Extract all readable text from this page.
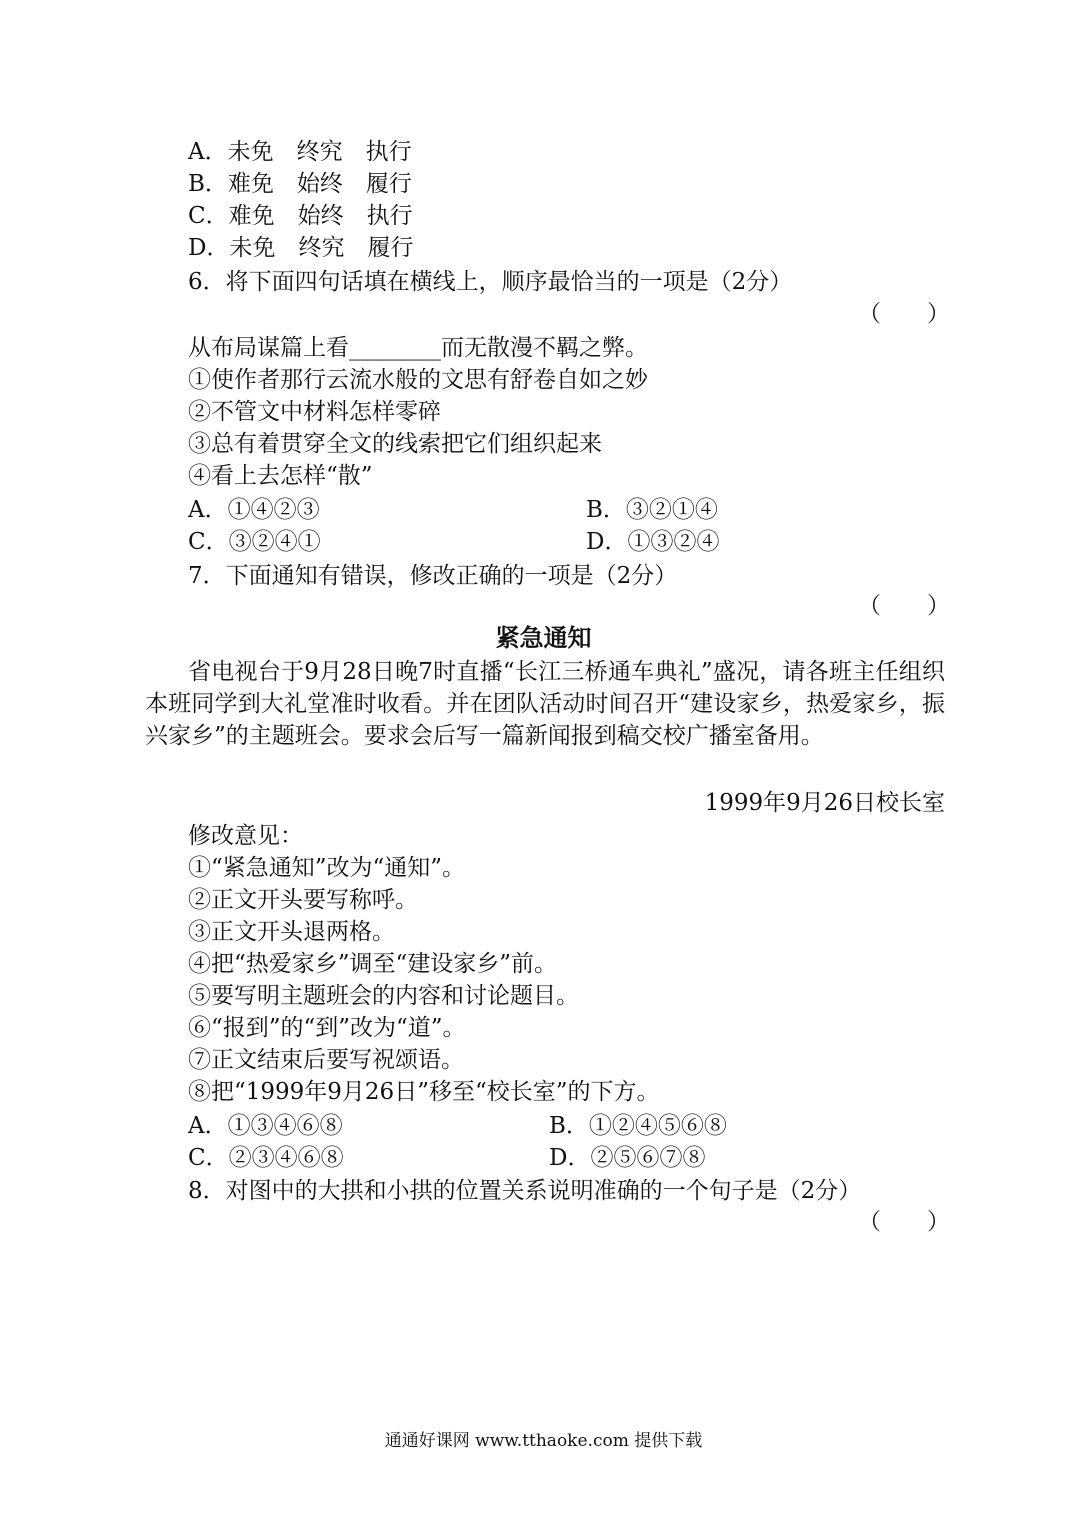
A．未免　终究　执行
B．难免　始终　履行
C．难免　始终　执行
D．未免　终究　履行
6．将下面四句话填在横线上，顺序最恰当的一项是（2分）
（　　）
从布局谋篇上看________而无散漫不羁之弊。
①使作者那行云流水般的文思有舒卷自如之妙
②不管文中材料怎样零碎
③总有着贯穿全文的线索把它们组织起来
④看上去怎样“散”
A．①④②③	B．③②①④
C．③②④①	D．①③②④
7．下面通知有错误，修改正确的一项是（2分）
（　　）
紧急通知
省电视台于9月28日晚7时直播“长江三桥通车典礼”盛况，请各班主任组织本班同学到大礼堂准时收看。并在团队活动时间召开“建设家乡，热爱家乡，振兴家乡”的主题班会。要求会后写一篇新闻报到稿交校广播室备用。
1999年9月26日校长室
修改意见：
①“紧急通知”改为“通知”。
②正文开头要写称呼。
③正文开头退两格。
④把“热爱家乡”调至“建设家乡”前。
⑤要写明主题班会的内容和讨论题目。
⑥“报到”的“到”改为“道”。
⑦正文结束后要写祝颂语。
⑧把“1999年9月26日”移至“校长室”的下方。
A．①③④⑥⑧	B．①②④⑤⑥⑧
C．②③④⑥⑧	D．②⑤⑥⑦⑧
8．对图中的大拱和小拱的位置关系说明准确的一个句子是（2分）
（　　）
通通好课网 www.tthaoke.com 提供下载
